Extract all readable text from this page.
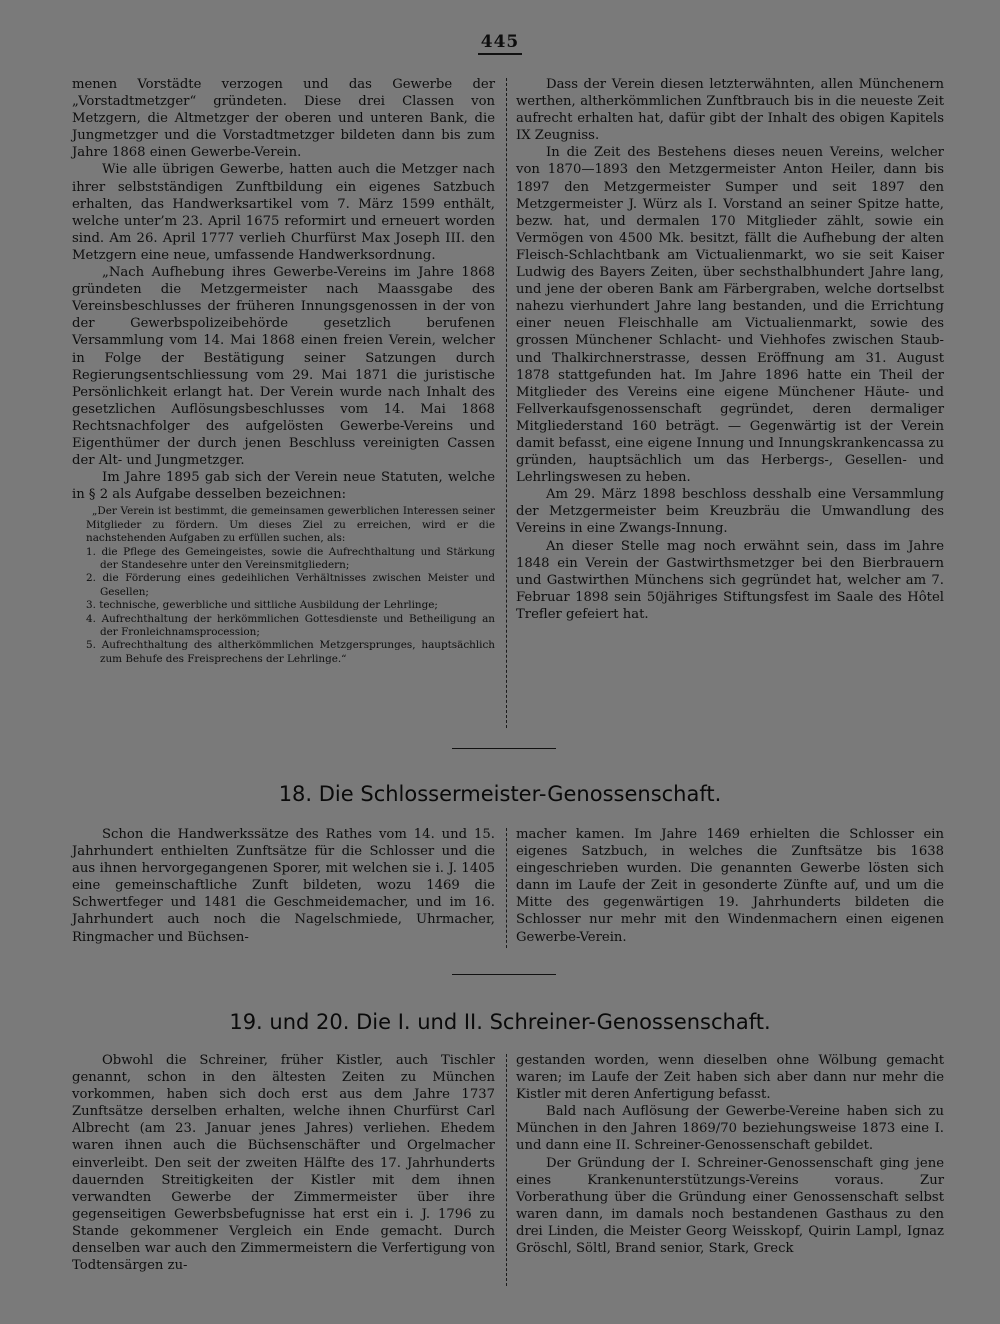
445

menen Vorstädte verzogen und das Gewerbe der „Vorstadtmetzger“ gründeten. Diese drei Classen von Metzgern, die Altmetzger der oberen und unteren Bank, die Jungmetzger und die Vorstadtmetzger bildeten dann bis zum Jahre 1868 einen Gewerbe-Verein.

Wie alle übrigen Gewerbe, hatten auch die Metzger nach ihrer selbstständigen Zunftbildung ein eigenes Satzbuch erhalten, das Handwerksartikel vom 7. März 1599 enthält, welche unter’m 23. April 1675 reformirt und erneuert worden sind. Am 26. April 1777 verlieh Churfürst Max Joseph III. den Metzgern eine neue, umfassende Handwerksordnung.

„Nach Aufhebung ihres Gewerbe-Vereins im Jahre 1868 gründeten die Metzgermeister nach Maassgabe des Vereinsbeschlusses der früheren Innungsgenossen in der von der Gewerbspolizeibehörde gesetzlich berufenen Versammlung vom 14. Mai 1868 einen freien Verein, welcher in Folge der Bestätigung seiner Satzungen durch Regierungsentschliessung vom 29. Mai 1871 die juristische Persönlichkeit erlangt hat. Der Verein wurde nach Inhalt des gesetzlichen Auflösungsbeschlusses vom 14. Mai 1868 Rechtsnachfolger des aufgelösten Gewerbe-Vereins und Eigenthümer der durch jenen Beschluss vereinigten Cassen der Alt- und Jungmetzger.

Im Jahre 1895 gab sich der Verein neue Statuten, welche in § 2 als Aufgabe desselben bezeichnen:

„Der Verein ist bestimmt, die gemeinsamen gewerblichen Interessen seiner Mitglieder zu fördern. Um dieses Ziel zu erreichen, wird er die nachstehenden Aufgaben zu erfüllen suchen, als:

1. die Pflege des Gemeingeistes, sowie die Aufrechthaltung und Stärkung der Standesehre unter den Vereinsmitgliedern;
2. die Förderung eines gedeihlichen Verhältnisses zwischen Meister und Gesellen;
3. technische, gewerbliche und sittliche Ausbildung der Lehrlinge;
4. Aufrechthaltung der herkömmlichen Gottesdienste und Betheiligung an der Fronleichnamsprocession;
5. Aufrechthaltung des altherkömmlichen Metzgersprunges, hauptsächlich zum Behufe des Freisprechens der Lehrlinge.“

Dass der Verein diesen letzterwähnten, allen Münchenern werthen, altherkömmlichen Zunftbrauch bis in die neueste Zeit aufrecht erhalten hat, dafür gibt der Inhalt des obigen Kapitels IX Zeugniss.

In die Zeit des Bestehens dieses neuen Vereins, welcher von 1870—1893 den Metzgermeister Anton Heiler, dann bis 1897 den Metzgermeister Sumper und seit 1897 den Metzgermeister J. Würz als I. Vorstand an seiner Spitze hatte, bezw. hat, und dermalen 170 Mitglieder zählt, sowie ein Vermögen von 4500 Mk. besitzt, fällt die Aufhebung der alten Fleisch-Schlachtbank am Victualienmarkt, wo sie seit Kaiser Ludwig des Bayers Zeiten, über sechsthalbhundert Jahre lang, und jene der oberen Bank am Färbergraben, welche dortselbst nahezu vierhundert Jahre lang bestanden, und die Errichtung einer neuen Fleischhalle am Victualienmarkt, sowie des grossen Münchener Schlacht- und Viehhofes zwischen Staub- und Thalkirchnerstrasse, dessen Eröffnung am 31. August 1878 stattgefunden hat. Im Jahre 1896 hatte ein Theil der Mitglieder des Vereins eine eigene Münchener Häute- und Fellverkaufsgenossenschaft gegründet, deren dermaliger Mitgliederstand 160 beträgt. — Gegenwärtig ist der Verein damit befasst, eine eigene Innung und Innungskrankencassa zu gründen, hauptsächlich um das Herbergs-, Gesellen- und Lehrlingswesen zu heben.

Am 29. März 1898 beschloss desshalb eine Versammlung der Metzgermeister beim Kreuzbräu die Umwandlung des Vereins in eine Zwangs-Innung.

An dieser Stelle mag noch erwähnt sein, dass im Jahre 1848 ein Verein der Gastwirthsmetzger bei den Bierbrauern und Gastwirthen Münchens sich gegründet hat, welcher am 7. Februar 1898 sein 50jähriges Stiftungsfest im Saale des Hôtel Trefler gefeiert hat.

18. Die Schlossermeister-Genossenschaft.

Schon die Handwerkssätze des Rathes vom 14. und 15. Jahrhundert enthielten Zunftsätze für die Schlosser und die aus ihnen hervorgegangenen Sporer, mit welchen sie i. J. 1405 eine gemeinschaftliche Zunft bildeten, wozu 1469 die Schwertfeger und 1481 die Geschmeidemacher, und im 16. Jahrhundert auch noch die Nagelschmiede, Uhrmacher, Ringmacher und Büchsen-

macher kamen. Im Jahre 1469 erhielten die Schlosser ein eigenes Satzbuch, in welches die Zunftsätze bis 1638 eingeschrieben wurden. Die genannten Gewerbe lösten sich dann im Laufe der Zeit in gesonderte Zünfte auf, und um die Mitte des gegenwärtigen 19. Jahrhunderts bildeten die Schlosser nur mehr mit den Windenmachern einen eigenen Gewerbe-Verein.

19. und 20. Die I. und II. Schreiner-Genossenschaft.

Obwohl die Schreiner, früher Kistler, auch Tischler genannt, schon in den ältesten Zeiten zu München vorkommen, haben sich doch erst aus dem Jahre 1737 Zunftsätze derselben erhalten, welche ihnen Churfürst Carl Albrecht (am 23. Januar jenes Jahres) verliehen. Ehedem waren ihnen auch die Büchsenschäfter und Orgelmacher einverleibt. Den seit der zweiten Hälfte des 17. Jahrhunderts dauernden Streitigkeiten der Kistler mit dem ihnen verwandten Gewerbe der Zimmermeister über ihre gegenseitigen Gewerbsbefugnisse hat erst ein i. J. 1796 zu Stande gekommener Vergleich ein Ende gemacht. Durch denselben war auch den Zimmermeistern die Verfertigung von Todtensärgen zu-

gestanden worden, wenn dieselben ohne Wölbung gemacht waren; im Laufe der Zeit haben sich aber dann nur mehr die Kistler mit deren Anfertigung befasst.

Bald nach Auflösung der Gewerbe-Vereine haben sich zu München in den Jahren 1869/70 beziehungsweise 1873 eine I. und dann eine II. Schreiner-Genossenschaft gebildet.

Der Gründung der I. Schreiner-Genossenschaft ging jene eines Krankenunterstützungs-Vereins voraus. Zur Vorberathung über die Gründung einer Genossenschaft selbst waren dann, im damals noch bestandenen Gasthaus zu den drei Linden, die Meister Georg Weisskopf, Quirin Lampl, Ignaz Gröschl, Söltl, Brand senior, Stark, Greck
